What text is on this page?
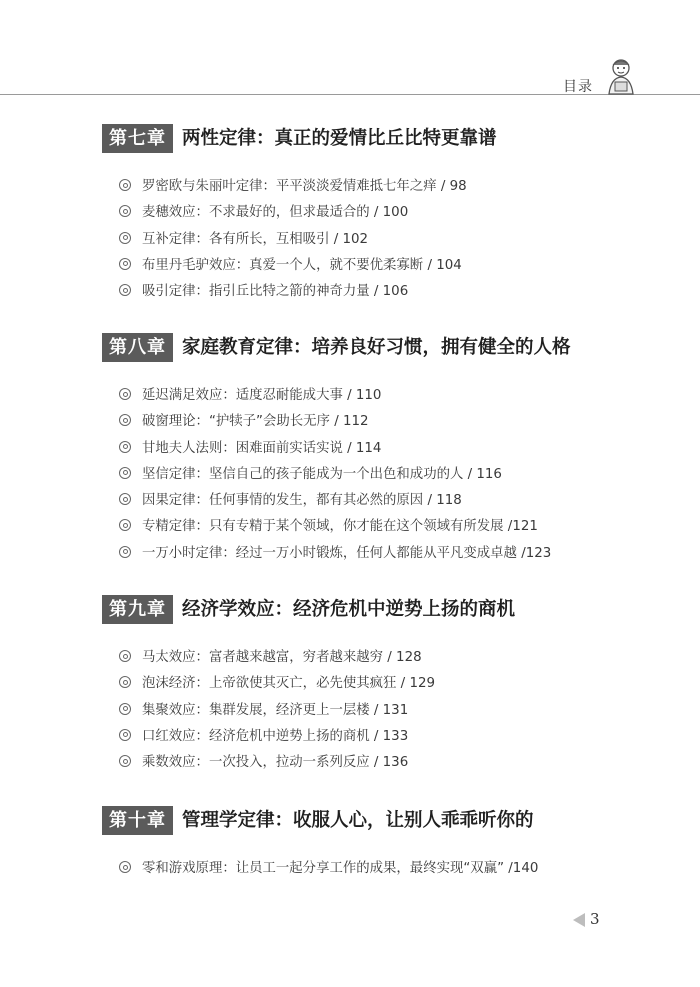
目录
第七章 两性定律：真正的爱情比丘比特更靠谱
罗密欧与朱丽叶定律：平平淡淡爱情难抵七年之痒 / 98
麦穗效应：不求最好的，但求最适合的 / 100
互补定律：各有所长，互相吸引 / 102
布里丹毛驴效应：真爱一个人，就不要优柔寡断 / 104
吸引定律：指引丘比特之箭的神奇力量 / 106
第八章 家庭教育定律：培养良好习惯，拥有健全的人格
延迟满足效应：适度忍耐能成大事 / 110
破窗理论：“护犊子”会助长无序 / 112
甘地夫人法则：困难面前实话实说 / 114
坚信定律：坚信自己的孩子能成为一个出色和成功的人 / 116
因果定律：任何事情的发生，都有其必然的原因 / 118
专精定律：只有专精于某个领域，你才能在这个领域有所发展 /121
一万小时定律：经过一万小时锻炼，任何人都能从平凡变成卓越 /123
第九章 经济学效应：经济危机中逆势上扬的商机
马太效应：富者越来越富，穷者越来越穷 / 128
泡沫经济：上帝欲使其灭亡，必先使其疯狂 / 129
集聚效应：集群发展，经济更上一层楼 / 131
口红效应：经济危机中逆势上扬的商机 / 133
乘数效应：一次投入，拉动一系列反应 / 136
第十章 管理学定律：收服人心，让别人乖乖听你的
零和游戏原理：让员工一起分享工作的成果，最终实现“双赢” /140
3
